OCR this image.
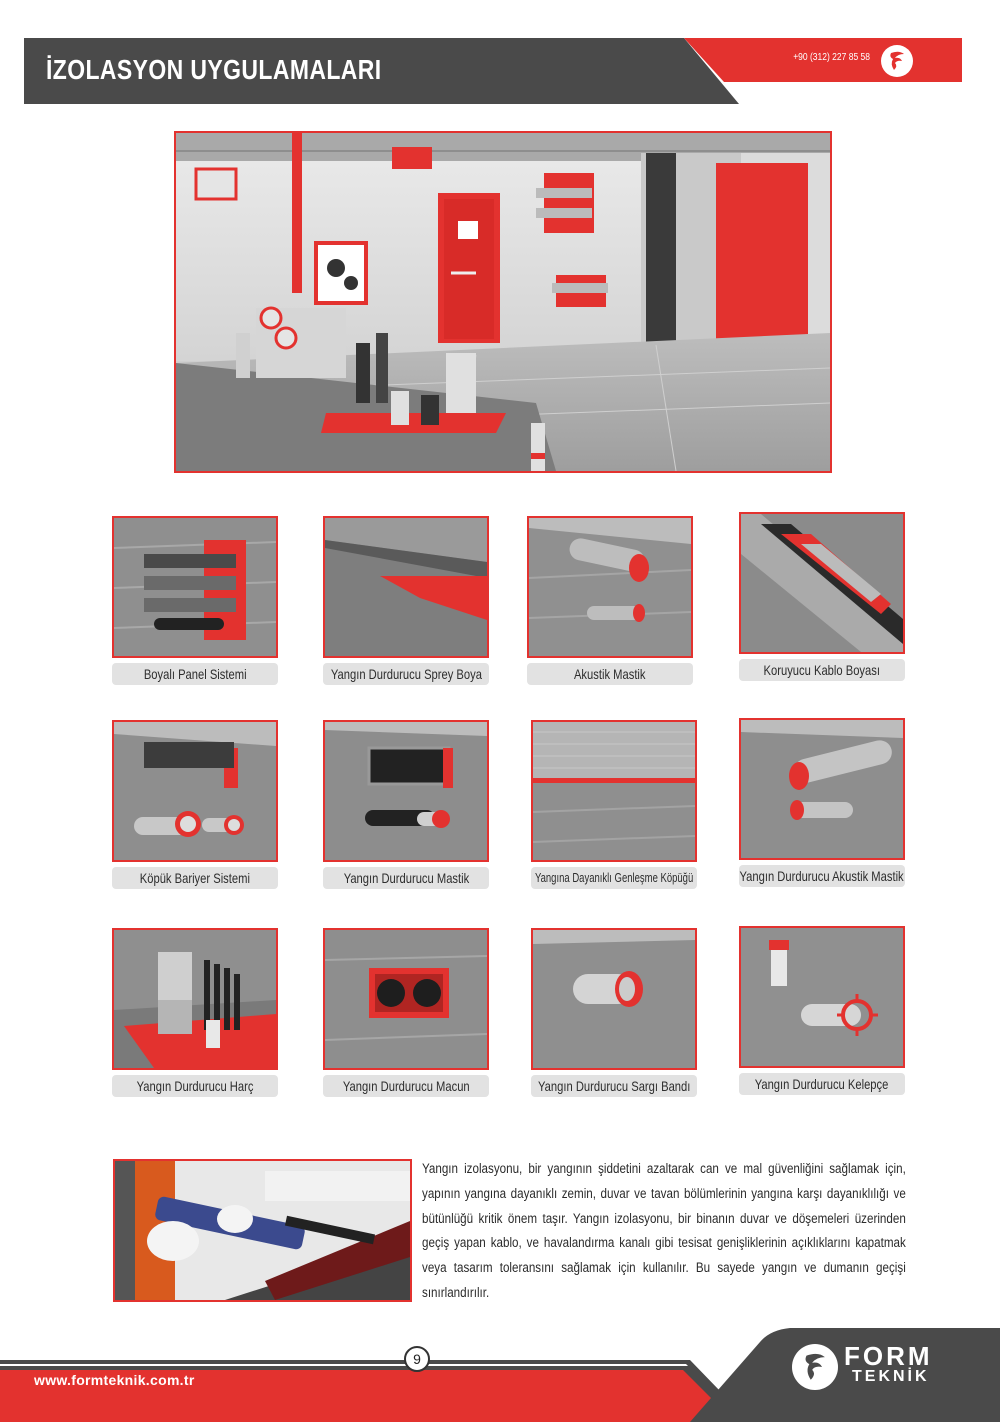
İZOLASYON UYGULAMALARI	+90 (312) 227 85 58
Boyalı Panel Sistemi	Yangın Durdurucu Sprey Boya	Akustik Mastik	Koruyucu Kablo Boyası
Köpük Bariyer Sistemi	Yangın Durdurucu Mastik	Yangına Dayanıklı Genleşme Köpüğü	Yangın Durdurucu Akustik Mastik
Yangın Durdurucu Harç	Yangın Durdurucu Macun	Yangın Durdurucu Sargı Bandı	Yangın Durdurucu Kelepçe

Yangın izolasyonu, bir yangının şiddetini azaltarak can ve mal güvenliğini sağlamak için, yapının yangına dayanıklı zemin, duvar ve tavan bölümlerinin yangına karşı dayanıklılığı ve bütünlüğü kritik önem taşır. Yangın izolasyonu, bir binanın duvar ve döşemeleri üzerinden geçiş yapan kablo, ve havalandırma kanalı gibi tesisat genişliklerinin açıklıklarını kapatmak veya tasarım toleransını sağlamak için kullanılır. Bu sayede yangın ve dumanın geçişi sınırlandırılır.

www.formteknik.com.tr
9	FORM
TEKNİK
